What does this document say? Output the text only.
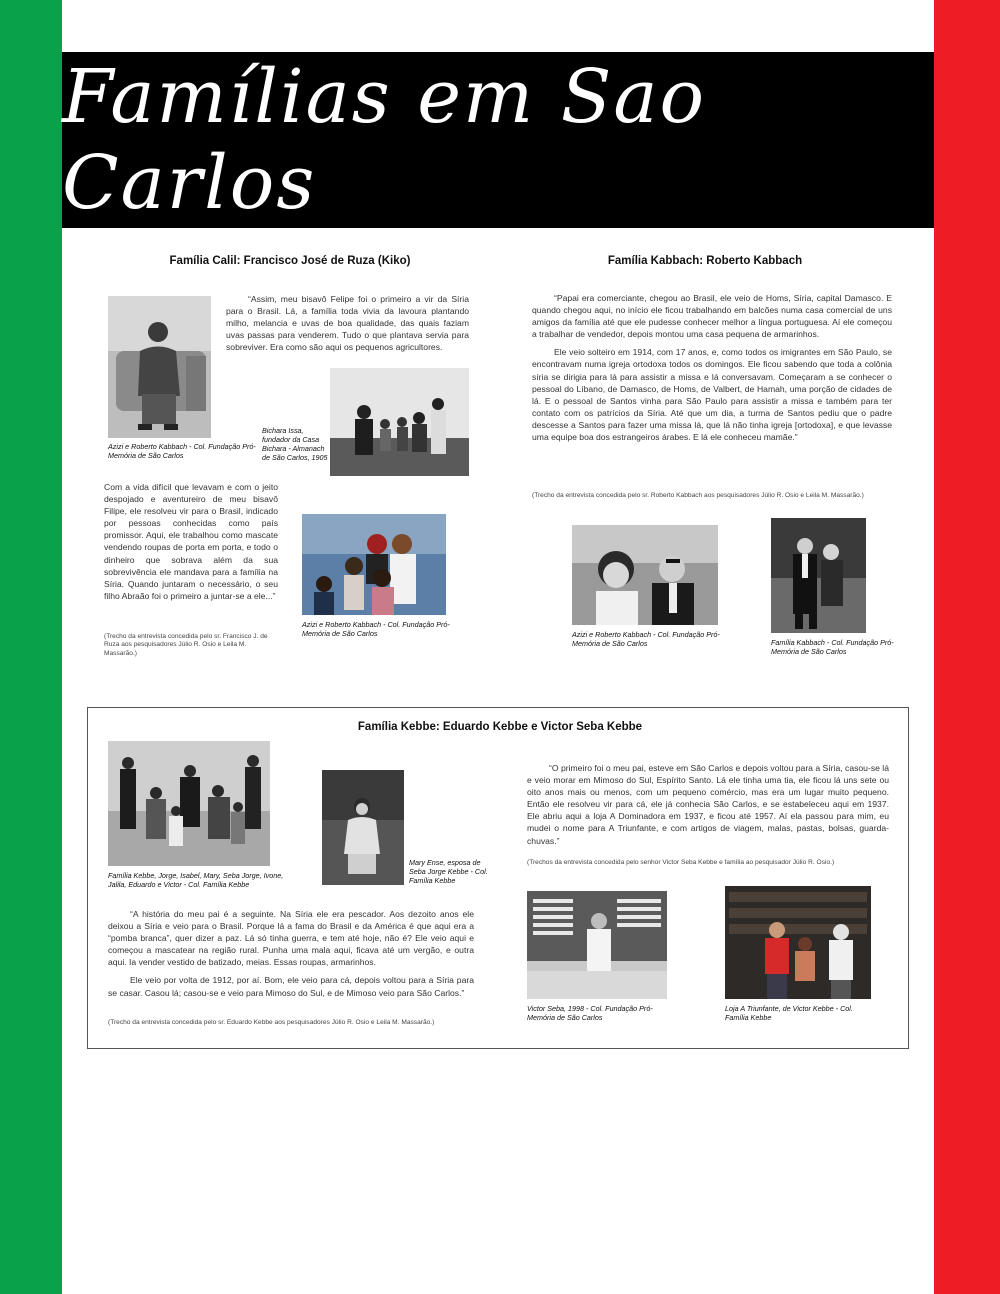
Famílias em Sao Carlos
Família Calil: Francisco José de Ruza (Kiko)

“Assim, meu bisavô Felipe foi o primeiro a vir da Síria para o Brasil. Lá, a família toda vivia da lavoura plantando milho, melancia e uvas de boa qualidade, das quais faziam uvas passas para venderem. Tudo o que plantava servia para sobreviver. Era como são aqui os pequenos agricultores.

Azizi e Roberto Kabbach - Col. Fundação Pró-Memória de São Carlos
Bichara Issa, fundador da Casa Bichara - Almanach de São Carlos, 1905

Com a vida difícil que levavam e com o jeito despojado e aventureiro de meu bisavô Filipe, ele resolveu vir para o Brasil, indicado por pessoas conhecidas como país promissor. Aqui, ele trabalhou como mascate vendendo roupas de porta em porta, e todo o dinheiro que sobrava além da sua sobrevivência ele mandava para a família na Síria. Quando juntaram o necessário, o seu filho Abraão foi o primeiro a juntar-se a ele...”

(Trecho da entrevista concedida pelo sr. Francisco J. de Ruza aos pesquisadores Júlio R. Osio e Leila M. Massarão.)
Azizi e Roberto Kabbach - Col. Fundação Pró-Memória de São Carlos
Família Kabbach: Roberto Kabbach

“Papai era comerciante, chegou ao Brasil, ele veio de Homs, Síria, capital Damasco. E quando chegou aqui, no início ele ficou trabalhando em balcões numa casa comercial de uns amigos da família até que ele pudesse conhecer melhor a língua portuguesa. Aí ele começou a trabalhar de vendedor, depois montou uma casa pequena de armarinhos.

Ele veio solteiro em 1914, com 17 anos, e, como todos os imigrantes em São Paulo, se encontravam numa igreja ortodoxa todos os domingos. Ele ficou sabendo que toda a colônia síria se dirigia para lá para assistir a missa e lá conversavam. Começaram a se conhecer o pessoal do Líbano, de Damasco, de Homs, de Valbert, de Hamah, uma porção de cidades de lá. E o pessoal de Santos vinha para São Paulo para assistir a missa e também para ter contato com os patrícios da Síria. Até que um dia, a turma de Santos pediu que o padre descesse a Santos para fazer uma missa lá, que lá não tinha igreja [ortodoxa], e que levasse uma equipe boa dos estrangeiros árabes. E lá ele conheceu mamãe.”

(Trecho da entrevista concedida pelo sr. Roberto Kabbach aos pesquisadores Júlio R. Osio e Leila M. Massarão.)
Azizi e Roberto Kabbach - Col. Fundação Pró-Memória de São Carlos	Família Kabbach - Col. Fundação Pró-Memória de São Carlos
Família Kebbe: Eduardo Kebbe e Victor Seba Kebbe
Família Kebbe, Jorge, Isabel, Mary, Seba Jorge, Ivone, Jalila, Eduardo e Victor - Col. Família Kebbe
Mary Ense, esposa de Seba Jorge Kebbe - Col. Família Kebbe

“O primeiro foi o meu pai, esteve em São Carlos e depois voltou para a Síria, casou-se lá e veio morar em Mimoso do Sul, Espírito Santo. Lá ele tinha uma tia, ele ficou lá uns sete ou oito anos mais ou menos, com um pequeno comércio, mas era um lugar muito pequeno. Então ele resolveu vir para cá, ele já conhecia São Carlos, e se estabeleceu aqui em 1937. Ele abriu aqui a loja A Dominadora em 1937, e ficou até 1957. Aí ela passou para mim, eu mudei o nome para A Triunfante, e com artigos de viagem, malas, pastas, bolsas, guarda-chuvas.”

(Trechos da entrevista concedida pelo senhor Victor Seba Kebbe e família ao pesquisador Júlio R. Osio.)

“A história do meu pai é a seguinte. Na Síria ele era pescador. Aos dezoito anos ele deixou a Síria e veio para o Brasil. Porque lá a fama do Brasil e da América é que aqui era a “pomba branca”, quer dizer a paz. Lá só tinha guerra, e tem até hoje, não é? Ele veio aqui e começou a mascatear na região rural. Punha uma mala aqui, ficava até um vergão, e outra aqui. Ia vender vestido de batizado, meias. Essas roupas, armarinhos.

Ele veio por volta de 1912, por aí. Bom, ele veio para cá, depois voltou para a Síria para se casar. Casou lá; casou-se e veio para Mimoso do Sul, e de Mimoso veio para São Carlos.”

(Trecho da entrevista concedida pelo sr. Eduardo Kebbe aos pesquisadores Júlio R. Osio e Leila M. Massarão.)
Victor Seba, 1998 - Col. Fundação Pró-Memória de São Carlos
Loja A Triunfante, de Victor Kebbe - Col. Família Kebbe
